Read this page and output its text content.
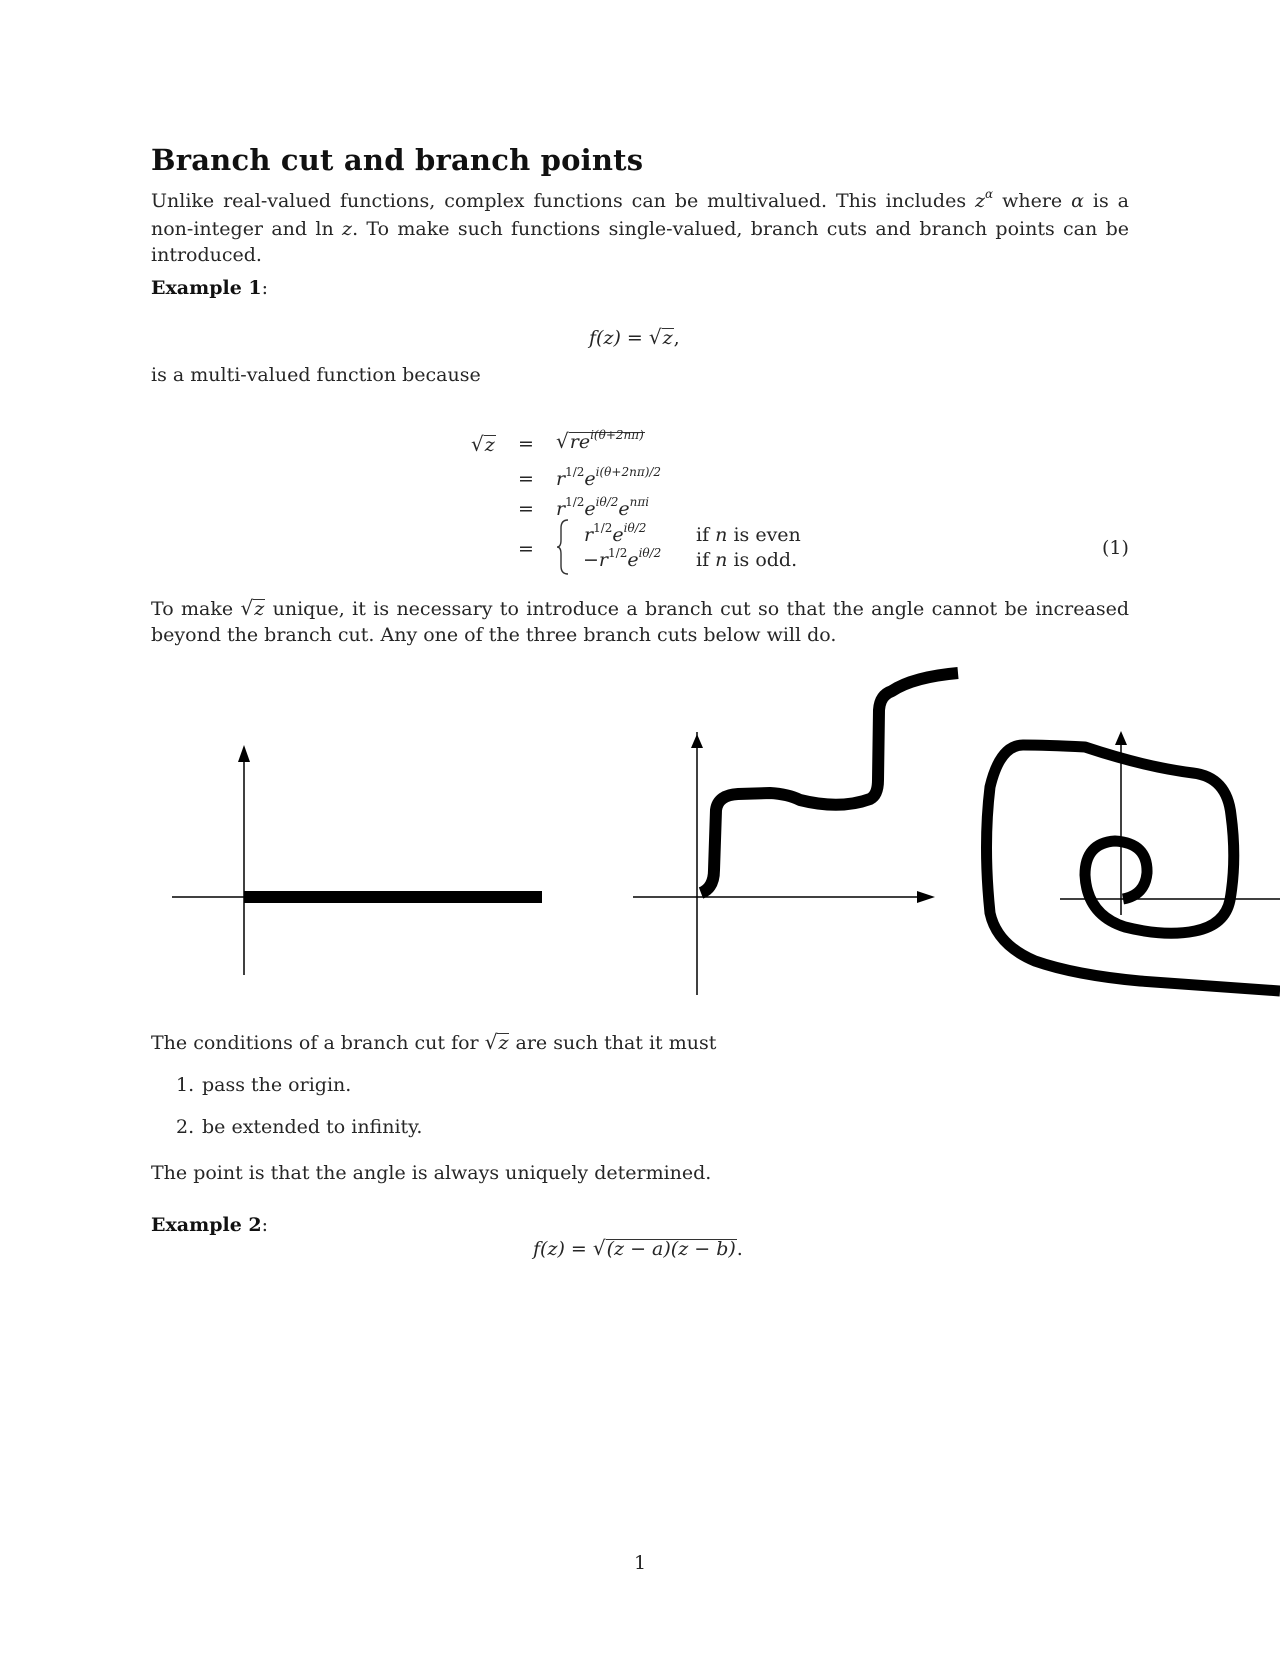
Branch cut and branch points
Unlike real-valued functions, complex functions can be multivalued. This includes $z^\alpha$ where α is a non-integer and ln z. To make such functions single-valued, branch cuts and branch points can be introduced.
Example 1:
f(z) = √z,
is a multi-valued function because
$√z = √re^{i(\theta+2n\pi)}$
= $r^{1/2}e^{i(\theta+2n\pi)/2}$
= $r^{1/2}e^{i\theta/2}e^{n\pi i}$
=
$r^{1/2}e^{i\theta/2}$	if n is even
$-r^{1/2}e^{i\theta/2}$ if n is odd.
(1)
To make √z unique, it is necessary to introduce a branch cut so that the angle cannot be increased beyond the branch cut. Any one of the three branch cuts below will do.
The conditions of a branch cut for √z are such that it must
1. pass the origin.
2. be extended to infinity.
The point is that the angle is always uniquely determined.
Example 2:
f(z) = √(z − a)(z − b).
1
